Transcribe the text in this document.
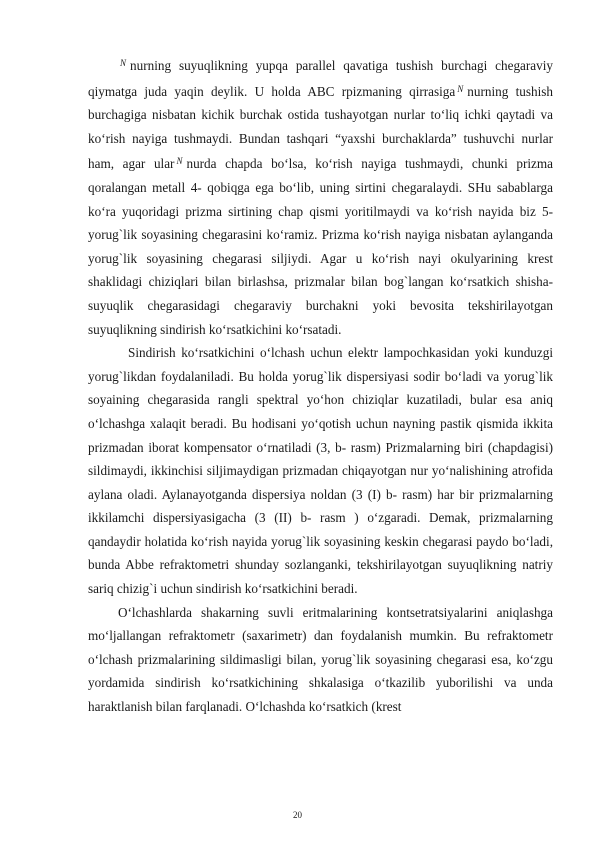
$^N$ nurning suyuqlikning yupqa parallel qavatiga tushish burchagi chegaraviy qiymatga juda yaqin deylik. U holda ABC rpizmaning qirrasiga $^N$ nurning tushish burchagiga nisbatan kichik burchak ostida tushayotgan nurlar to‘liq ichki qaytadi va ko‘rish nayiga tushmaydi. Bundan tashqari “yaxshi burchaklarda” tushuvchi nurlar ham, agar ular $^N$ nurda chapda bo‘lsa, ko‘rish nayiga tushmaydi, chunki prizma qoralangan metall 4- qobiqga ega bo‘lib, uning sirtini chegaralaydi. SHu sabablarga ko‘ra yuqoridagi prizma sirtining chap qismi yoritilmaydi va ko‘rish nayida biz 5- yorug`lik soyasining chegarasini ko‘ramiz. Prizma ko‘rish nayiga nisbatan aylanganda yorug`lik soyasining chegarasi siljiydi. Agar u ko‘rish nayi okulyarining krest shaklidagi chiziqlari bilan birlashsa, prizmalar bilan bog`langan ko‘rsatkich shisha- suyuqlik chegarasidagi chegaraviy burchakni yoki bevosita tekshirilayotgan suyuqlikning sindirish ko‘rsatkichini ko‘rsatadi.

Sindirish ko‘rsatkichini o‘lchash uchun elektr lampochkasidan yoki kunduzgi yorug`likdan foydalaniladi. Bu holda yorug`lik dispersiyasi sodir bo‘ladi va yorug`lik soyaining chegarasida rangli spektral yo‘hon chiziqlar kuzatiladi, bular esa aniq o‘lchashga xalaqit beradi. Bu hodisani yo‘qotish uchun nayning pastik qismida ikkita prizmadan iborat kompensator o‘rnatiladi (3, b- rasm) Prizmalarning biri (chapdagisi) sildimaydi, ikkinchisi siljimaydigan prizmadan chiqayotgan nur yo‘nalishining atrofida aylana oladi. Aylanayotganda dispersiya noldan (3 (I) b- rasm) har bir prizmalarning ikkilamchi dispersiyasigacha (3 (II) b- rasm ) o‘zgaradi. Demak, prizmalarning qandaydir holatida ko‘rish nayida yorug`lik soyasining keskin chegarasi paydo bo‘ladi, bunda Abbe refraktometri shunday sozlanganki, tekshirilayotgan suyuqlikning natriy sariq chizig`i uchun sindirish ko‘rsatkichini beradi.

O‘lchashlarda shakarning suvli eritmalarining kontsetratsiyalarini aniqlashga mo‘ljallangan refraktometr (saxarimetr) dan foydalanish mumkin. Bu refraktometr o‘lchash prizmalarining sildimasligi bilan, yorug`lik soyasining chegarasi esa, ko‘zgu yordamida sindirish ko‘rsatkichining shkalasiga o‘tkazilib yuborilishi va unda haraktlanish bilan farqlanadi. O‘lchashda ko‘rsatkich (krest

20
